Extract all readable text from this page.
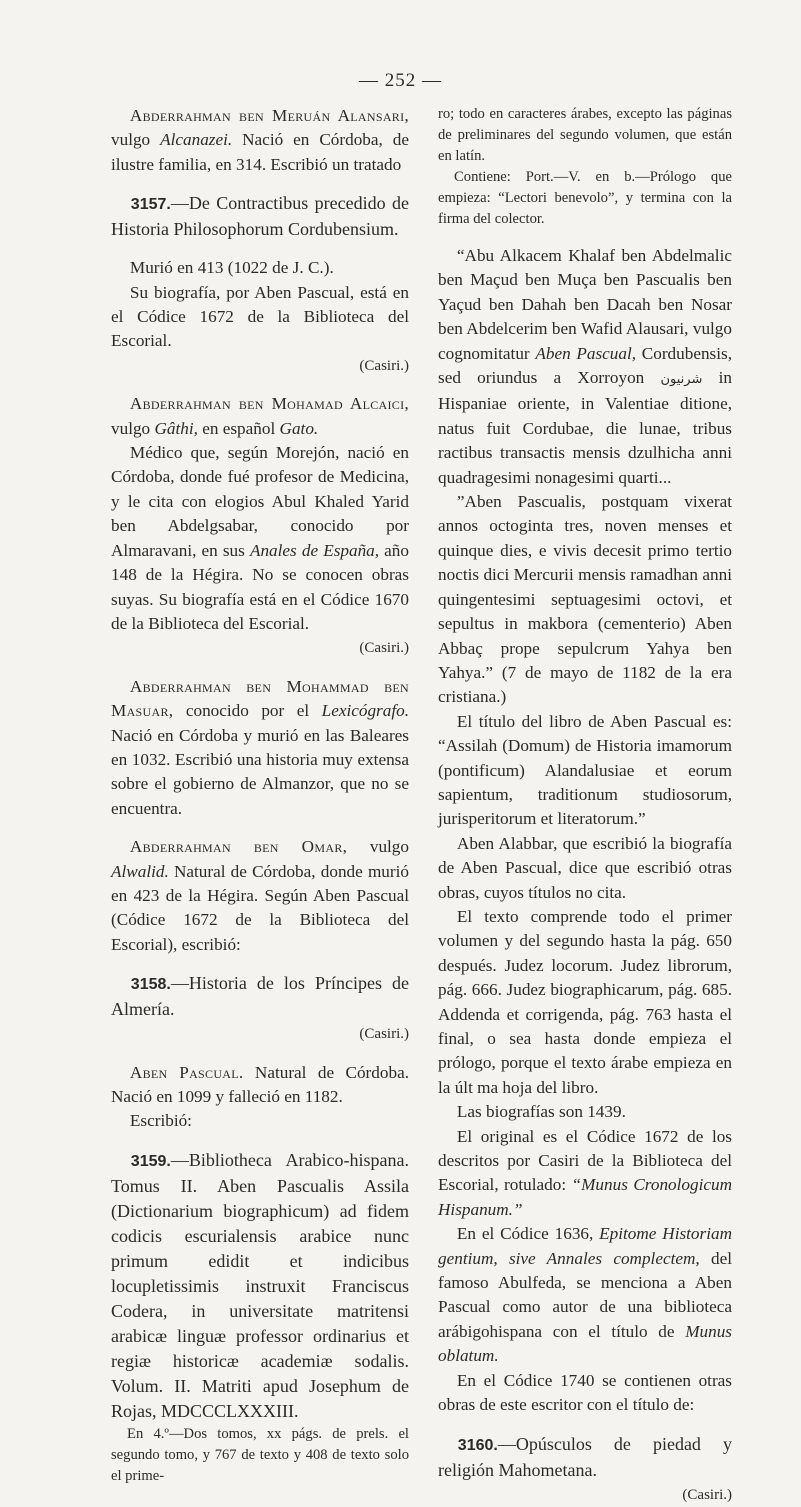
— 252 —

Abderrahman ben Meruán Alansari, vulgo Alcanazei. Nació en Córdoba, de ilustre familia, en 314. Escribió un tratado

3157.—De Contractibus precedido de Historia Philosophorum Cordubensium.

Murió en 413 (1022 de J. C.).

Su biografía, por Aben Pascual, está en el Códice 1672 de la Biblioteca del Escorial.

(Casiri.)

Abderrahman ben Mohamad Alcaici, vulgo Gâthi, en español Gato.

Médico que, según Morejón, nació en Córdoba, donde fué profesor de Medicina, y le cita con elogios Abul Khaled Yarid ben Abdelgsabar, conocido por Almaravani, en sus Anales de España, año 148 de la Hégira. No se conocen obras suyas. Su biografía está en el Códice 1670 de la Biblioteca del Escorial.

(Casiri.)

Abderrahman ben Mohammad ben Masuar, conocido por el Lexicógrafo. Nació en Córdoba y murió en las Baleares en 1032. Escribió una historia muy extensa sobre el gobierno de Almanzor, que no se encuentra.

Abderrahman ben Omar, vulgo Alwalid. Natural de Córdoba, donde murió en 423 de la Hégira. Según Aben Pascual (Códice 1672 de la Biblioteca del Escorial), escribió:

3158.—Historia de los Príncipes de Almería.

(Casiri.)

Aben Pascual. Natural de Córdoba. Nació en 1099 y falleció en 1182.

Escribió:

3159.—Bibliotheca Arabico-hispana. Tomus II. Aben Pascualis Assila (Dictionarium biographicum) ad fidem codicis escurialensis arabice nunc primum edidit et indicibus locupletissimis instruxit Franciscus Codera, in universitate matritensi arabicæ linguæ professor ordinarius et regiæ historicæ academiæ sodalis. Volum. II. Matriti apud Josephum de Rojas, MDCCCLXXXIII.

En 4.º—Dos tomos, xx págs. de prels. el segundo tomo, y 767 de texto y 408 de texto solo el prime-

ro; todo en caracteres árabes, excepto las páginas de preliminares del segundo volumen, que están en latín.

Contiene: Port.—V. en b.—Prólogo que empieza: “Lectori benevolo”, y termina con la firma del colector.

“Abu Alkacem Khalaf ben Abdelmalic ben Maçud ben Muça ben Pascualis ben Yaçud ben Dahah ben Dacah ben Nosar ben Abdelcerim ben Wafid Alausari, vulgo cognomitatur Aben Pascual, Cordubensis, sed oriundus a Xorroyon شرنيون in Hispaniae oriente, in Valentiae ditione, natus fuit Cordubae, die lunae, tribus ractibus transactis mensis dzulhicha anni quadragesimi nonagesimi quarti...

”Aben Pascualis, postquam vixerat annos octoginta tres, noven menses et quinque dies, e vivis decesit primo tertio noctis dici Mercurii mensis ramadhan anni quingentesimi septuagesimi octovi, et sepultus in makbora (cementerio) Aben Abbaç prope sepulcrum Yahya ben Yahya.” (7 de mayo de 1182 de la era cristiana.)

El título del libro de Aben Pascual es: “Assilah (Domum) de Historia imamorum (pontificum) Alandalusiae et eorum sapientum, traditionum studiosorum, jurisperitorum et literatorum.”

Aben Alabbar, que escribió la biografía de Aben Pascual, dice que escribió otras obras, cuyos títulos no cita.

El texto comprende todo el primer volumen y del segundo hasta la pág. 650 después. Judez locorum. Judez librorum, pág. 666. Judez biographicarum, pág. 685. Addenda et corrigenda, pág. 763 hasta el final, o sea hasta donde empieza el prólogo, porque el texto árabe empieza en la últ ma hoja del libro.

Las biografías son 1439.

El original es el Códice 1672 de los descritos por Casiri de la Biblioteca del Escorial, rotulado: “Munus Cronologicum Hispanum.”

En el Códice 1636, Epitome Historiam gentium, sive Annales complectem, del famoso Abulfeda, se menciona a Aben Pascual como autor de una biblioteca arábigohispana con el título de Munus oblatum.

En el Códice 1740 se contienen otras obras de este escritor con el título de:

3160.—Opúsculos de piedad y religión Mahometana.

(Casiri.)
